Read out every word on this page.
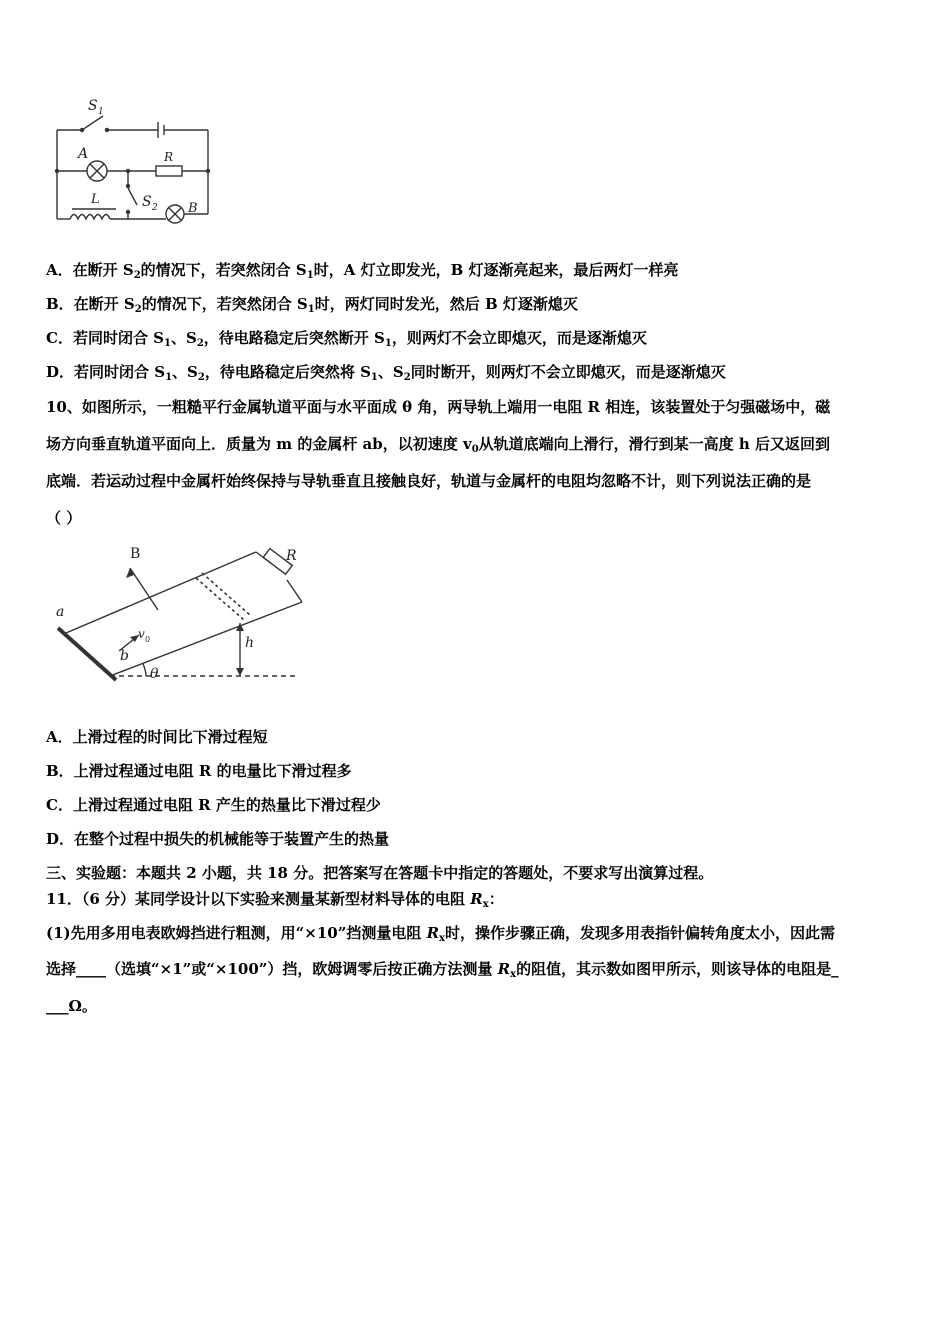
S 1
A	R
L	S 2 B
A．在断开 $S_2$的情况下，若突然闭合 $S_1$时，A 灯立即发光，B 灯逐渐亮起来，最后两灯一样亮
B．在断开 $S_2$的情况下，若突然闭合 $S_1$时，两灯同时发光，然后 B 灯逐渐熄灭
C．若同时闭合 $S_1$、$S_2$，待电路稳定后突然断开 $S_1$，则两灯不会立即熄灭，而是逐渐熄灭
D．若同时闭合 $S_1$、$S_2$，待电路稳定后突然将 $S_1$、$S_2$同时断开，则两灯不会立即熄灭，而是逐渐熄灭
10、如图所示，一粗糙平行金属轨道平面与水平面成 θ 角，两导轨上端用一电阻 R 相连，该装置处于匀强磁场中，磁
场方向垂直轨道平面向上．质量为 m 的金属杆 ab，以初速度 $v_0$从轨道底端向上滑行，滑行到某一高度 h 后又返回到
底端．若运动过程中金属杆始终保持与导轨垂直且接触良好，轨道与金属杆的电阻均忽略不计，则下列说法正确的是
（ ）
B	R
a
v 0
b
h
θ
A．上滑过程的时间比下滑过程短
B．上滑过程通过电阻 R 的电量比下滑过程多
C．上滑过程通过电阻 R 产生的热量比下滑过程少
D．在整个过程中损失的机械能等于装置产生的热量
三、实验题：本题共 2 小题，共 18 分。把答案写在答题卡中指定的答题处，不要求写出演算过程。
11．（6 分）某同学设计以下实验来测量某新型材料导体的电阻 $R_x$：
(1)先用多用电表欧姆挡进行粗测，用“×10”挡测量电阻 $R_x$时，操作步骤正确，发现多用表指针偏转角度太小，因此需
选择____（选填“×1”或“×100”）挡，欧姆调零后按正确方法测量 $R_x$的阻值，其示数如图甲所示，则该导体的电阻是_
___Ω。
